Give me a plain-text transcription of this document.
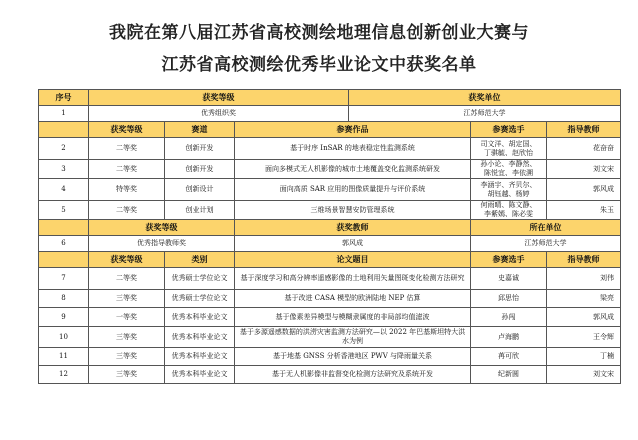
我院在第八届江苏省高校测绘地理信息创新创业大赛与
江苏省高校测绘优秀毕业论文中获奖名单
序号	获奖等级			获奖单位		
1	优秀组织奖			江苏师范大学		
	获奖等级	赛道	参赛作品		参赛选手	指导教师
2	二等奖	创新开发	基于时序 InSAR 的地表稳定性监测系统		司文洋、胡定国、
丁骐毓、赵欣怡	花奋奋
3	二等奖	创新开发	面向多模式无人机影像的城市土地覆盖变化监测系统研发		孙小论、李静然、
陈悦宜、李依溯	刘文宋
4	特等奖	创新设计	面向高质 SAR 应用的图像质量提升与评价系统		李涵宇、齐贝尔、
胡钰越、杨婷	郭风成
5	二等奖	创业计划	三维场景智慧安防管理系统		何雨晴、陈文静、
李紫嫣、陈必雯	朱玉
	获奖等级		获奖教师		所在单位	
6	优秀指导教师奖		郭风成		江苏师范大学	
	获奖等级	类别	论文题目		参赛选手	指导教师
7	二等奖	优秀硕士学位论文	基于深度学习和高分辨率遥感影像的土地利用矢量图斑变化检测方法研究		史嘉诚	刘伟
8	三等奖	优秀硕士学位论文	基于改进 CASA 模型的欧洲陆地 NEP 估算		邱思怡	梁亮
9	一等奖	优秀本科毕业论文	基于像素差异模型与模糊隶属度的非局部均值滤波		孙闯	郭风成
10	三等奖	优秀本科毕业论文	基于多源遥感数据的洪涝灾害监测方法研究—以 2022 年巴基斯坦特大洪水为例		卢海鹏	王令辉
11	三等奖	优秀本科毕业论文	基于地基 GNSS 分析香港地区 PWV 与降雨量关系		苒可欣	丁楠
12	三等奖	优秀本科毕业论文	基于无人机影像非监督变化检测方法研究及系统开发		纪新圆	刘文宋
